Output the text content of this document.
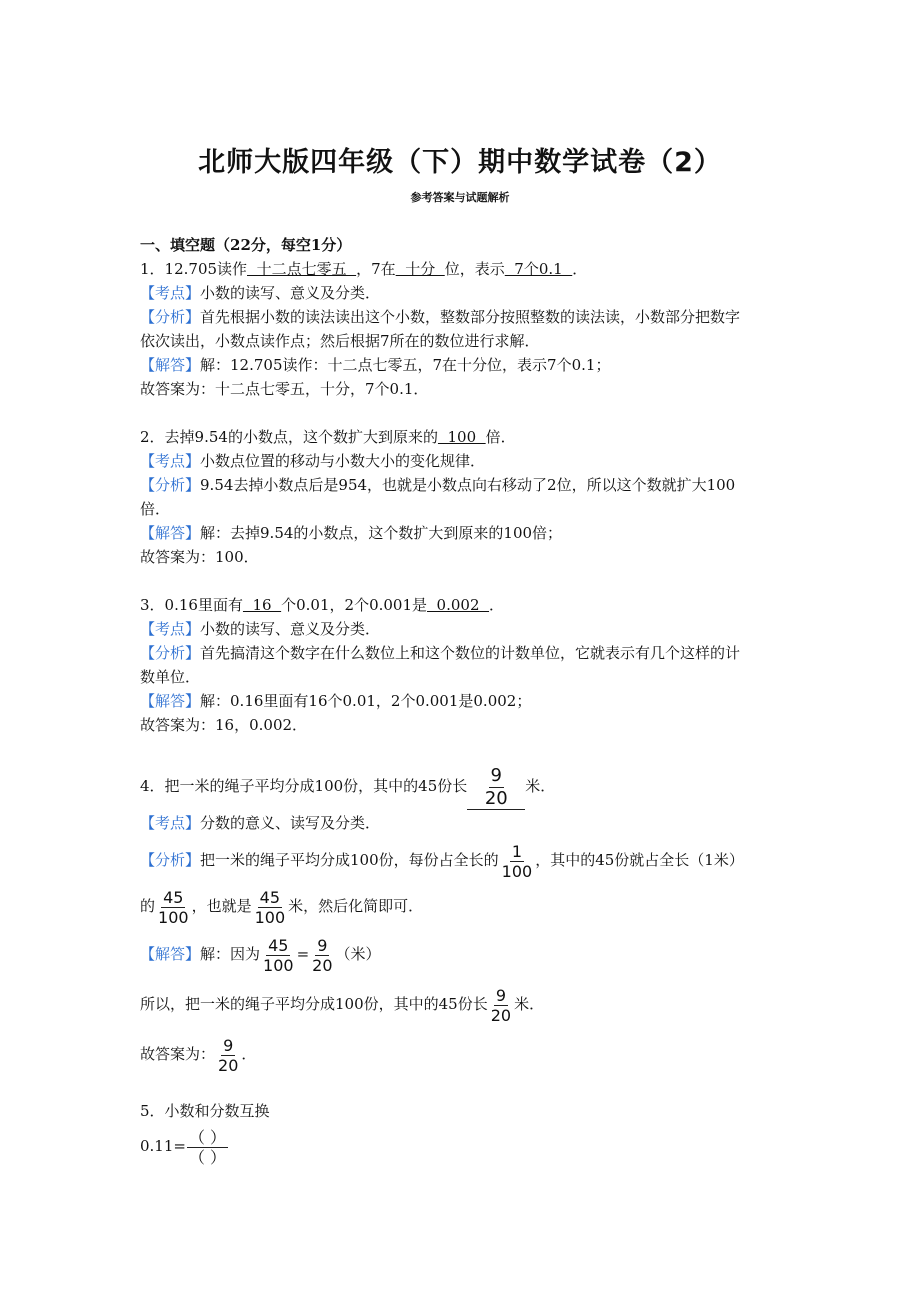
北师大版四年级（下）期中数学试卷（2）
参考答案与试题解析
一、填空题（22分，每空1分）
1．12.705读作  十二点七零五  ，7在  十分  位，表示  7个0.1  ．
【考点】小数的读写、意义及分类．
【分析】首先根据小数的读法读出这个小数，整数部分按照整数的读法读，小数部分把数字
依次读出，小数点读作点；然后根据7所在的数位进行求解．
【解答】解：12.705读作：十二点七零五，7在十分位，表示7个0.1；
故答案为：十二点七零五，十分，7个0.1．
2．去掉9.54的小数点，这个数扩大到原来的  100  倍．
【考点】小数点位置的移动与小数大小的变化规律．
【分析】9.54去掉小数点后是954，也就是小数点向右移动了2位，所以这个数就扩大100
倍．
【解答】解：去掉9.54的小数点，这个数扩大到原来的100倍；
故答案为：100．
3．0.16里面有  16  个0.01，2个0.001是  0.002  ．
【考点】小数的读写、意义及分类．
【分析】首先搞清这个数字在什么数位上和这个数位的计数单位，它就表示有几个这样的计
数单位．
【解答】解：0.16里面有16个0.01，2个0.001是0.002；
故答案为：16，0.002．
4．把一米的绳子平均分成100份，其中的45份长 $\frac{9}{20}$ 米．
【考点】分数的意义、读写及分类．
【分析】把一米的绳子平均分成100份，每份占全长的 $\frac{1}{100}$ ，其中的45份就占全长（1米）
的 $\frac{45}{100}$ ，也就是 $\frac{45}{100}$ 米，然后化简即可．
【解答】解：因为 $\frac{45}{100} = \frac{9}{20}$ （米）
所以，把一米的绳子平均分成100份，其中的45份长 $\frac{9}{20}$ 米．
故答案为： $\frac{9}{20}$ ．
5．小数和分数互换
$0.11= \frac{( )}{( )}$
